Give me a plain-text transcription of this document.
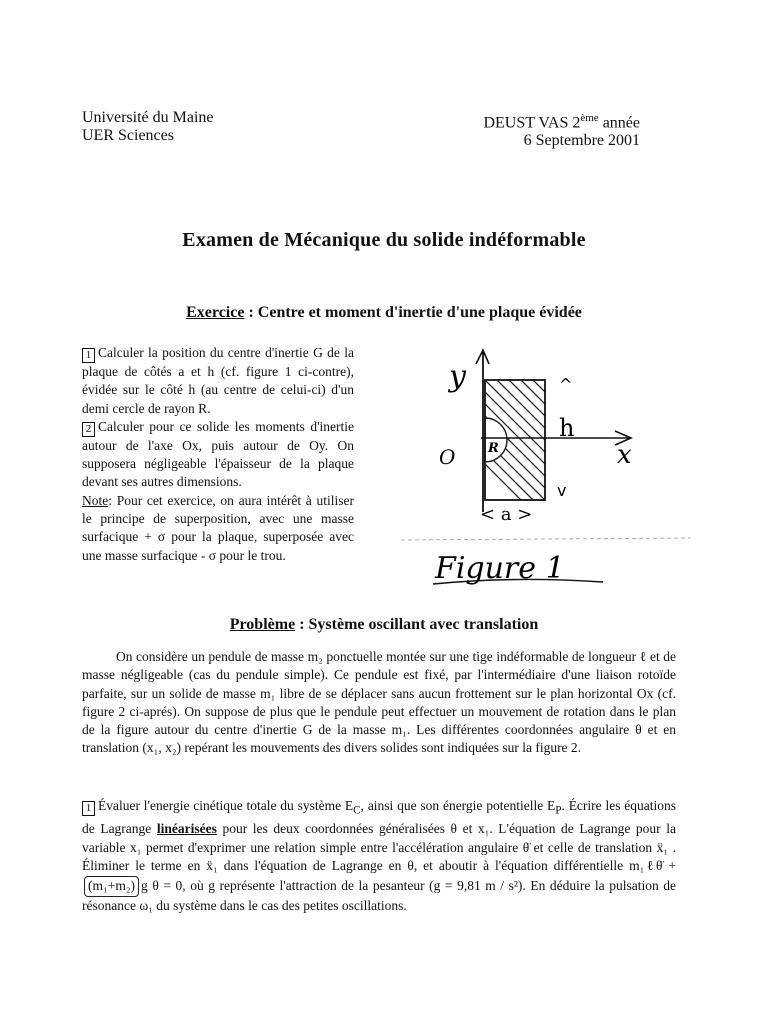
Université du Maine
UER Sciences
DEUST VAS 2ème année
6 Septembre 2001
Examen de Mécanique du solide indéformable
Exercice : Centre et moment d'inertie d'une plaque évidée

1 Calculer la position du centre d'inertie G de la plaque de côtés a et h (cf. figure 1 ci-contre), évidée sur le côté h (au centre de celui-ci) d'un demi cercle de rayon R.

2 Calculer pour ce solide les moments d'inertie autour de l'axe Ox, puis autour de Oy. On supposera négligeable l'épaisseur de la plaque devant ses autres dimensions.

Note: Pour cet exercice, on aura intérêt à utiliser le principe de superposition, avec une masse surfacique + σ pour la plaque, superposée avec une masse surfacique - σ pour le trou.

y
O	R
^
h
v
x
< a >
Figure 1
Problème : Système oscillant avec translation

On considère un pendule de masse m₂ ponctuelle montée sur une tige indéformable de longueur ℓ et de masse négligeable (cas du pendule simple). Ce pendule est fixé, par l'intermédiaire d'une liaison rotoïde parfaite, sur un solide de masse m₁ libre de se déplacer sans aucun frottement sur le plan horizontal Ox (cf. figure 2 ci-aprés). On suppose de plus que le pendule peut effectuer un mouvement de rotation dans le plan de la figure autour du centre d'inertie G de la masse m₁. Les différentes coordonnées angulaire θ et en translation (x₁, x₂) repérant les mouvements des divers solides sont indiquées sur la figure 2.

1 Évaluer l'energie cinétique totale du système $E_C$, ainsi que son énergie potentielle $E_P$. Écrire les équations de Lagrange linéarisées pour les deux coordonnées généralisées θ et x₁. L'équation de Lagrange pour la variable x₁ permet d'exprimer une relation simple entre l'accélération angulaire θ̈ et celle de translation ẍ₁ . Éliminer le terme en ẍ₁ dans l'équation de Lagrange en θ, et aboutir à l'équation différentielle m₁ℓθ̈ +(m₁+m₂) g θ = 0, où g représente l'attraction de la pesanteur (g = 9,81 m / s²). En déduire la pulsation de résonance ω₁ du système dans le cas des petites oscillations.
